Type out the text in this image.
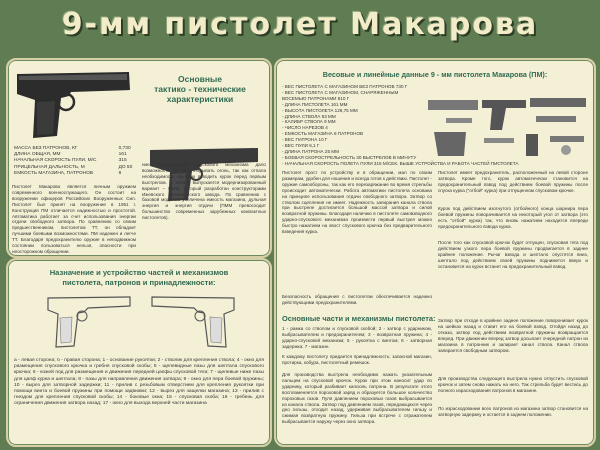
9-мм пистолет Макарова
Основные
тактико - технические
характеристики
МАССА БЕЗ ПАТРОНОВ, КГ	0,730
ДЛИНА ОБЩАЯ, ММ	161
НАЧАЛЬНАЯ СКОРОСТЬ ПУЛИ, М/С	315
ПРИЦЕЛЬНАЯ ДАЛЬНОСТЬ, М	ДО 50
ЕМКОСТЬ МАГАЗИНА, ПАТРОНОВ	8
Пистолет Макарова является личным оружием современного военнослужащего. Он состоит на вооружении офицеров Российских Вооруженных Сил. Пистолет был принят на вооружение в 1951 г. Конструкция ПМ отличается надежностью и простотой. Автоматика работает за счет использования энергии отдачи свободного затвора. По сравнению со своим предшественником, пистолетом ТТ, он обладает лучшими боевыми возможностями. ПМ надежен и легче ТТ. Благодаря предохранителю оружие в неподвижном состоянии пользоваться нельзя, опасности при неосторожном обращении.
ние самовзводного спускового механизма дало возможность быстрее открывать огонь, так как отпала необходимость вручную взводить курок перед первым выстрелом. С 1994 г. выпускается модернизированный вариант – ПММ, который разработан конструкторами Ижевского механического завода. По сравнению с базовой моделью увеличена емкость магазина, дульная энергия и энергия отдачи (ПММ превосходит большинство современных зарубежных компактных пистолетов).
Весовые и линейные данные 9 - мм пистолета Макарова (ПМ):
- ВЕС ПИСТОЛЕТА С МАГАЗИНОМ БЕЗ ПАТРОНОВ 730 Г
- ВЕС ПИСТОЛЕТА С МАГАЗИНОМ, СНАРЯЖЕННЫМ
ВОСЕМЬЮ ПАТРОНАМИ 810 Г
- ДЛИНА ПИСТОЛЕТА 161 ММ
- ВЫСОТА ПИСТОЛЕТА 126,75 ММ
- ДЛИНА СТВОЛА 93 ММ
- КАЛИБР СТВОЛА 9 ММ
- ЧИСЛО НАРЕЗОВ 4
- ЕМКОСТЬ МАГАЗИНА 8 ПАТРОНОВ
- ВЕС ПАТРОНА 10 Г
- ВЕС ПУЛИ 6,1 Г
- ДЛИНА ПАТРОНА 25 ММ
- БОЕВАЯ СКОРОСТРЕЛЬНОСТЬ 30 ВЫСТРЕЛОВ В МИНУТУ
- НАЧАЛЬНАЯ СКОРОСТЬ ПОЛЕТА ПУЛИ 315 М/СЕК. ВЫШЕ УСТРОЙСТВА И РАБОТА ЧАСТЕЙ ПИСТОЛЕТА
Пистолет прост по устройству и в обращении, мал по своим размерам, удобен для ношения и всегда готов к действию. Пистолет - оружие самообороны, так как его перезаряжание во время стрельбы происходит автоматически. Работа автоматики пистолета основана на принципе использования отдачи свободного затвора. Затвор со стволом сцепления не имеет. Надежность запирания канала ствола при выстреле достигается большой массой затвора и силой возвратной пружины. Благодаря наличию в пистолете самовзводного ударно-спускового механизма произвести первый выстрел можно быстро нажатием на хвост спускового крючка без предварительного взведения курка.
Безопасность обращения с пистолетом обеспечивается надежно действующими предохранителями.
Пистолет имеет предохранитель, расположенный на левой стороне затвора. Кроме того, курок автоматически становится на предохранительный взвод под действием боевой пружины после спуска курка ("отбой" курка) при отпущенном спусковом крючке.
Курок под действием изогнутого (отбойного) конца шарнира пера боевой пружины поворачивается на некоторый угол от затвора (это есть "отбой" курка) так, что вновь нажатием находится впереди предохранительного взвода курка.
После того как спусковой крючок будет отпущен, спусковая тяга под действием узкого пера боевой пружины продвигается в заднее крайнее положение. Рычаг взвода и шептало опустятся вниз, шептало под действием своей пружины поднимется вверх и остановится на курок встанет на предохранительный взвод.
Основные части и механизмы пистолета:
1 - рамка со стволом и спусковой скобой; 2 - затвор с ударником, выбрасывателем и предохранителем; 3 - возвратная пружина; 4 - ударно-спусковой механизм; 5 - рукоятка с винтом; 6 - затворная задержка; 7 - магазин.
К каждому пистолету придается принадлежность: запасной магазин, протирка, кобура, пистолетный ремешок.
Для производства выстрела необходимо нажать указательным пальцем на спусковой крючок. Курок при этом наносит удар по ударнику, который разбивает капсюль патрона. В результате этого воспламеняется пороховой заряд и образуется большое количество пороховых газов. Пуля давлением пороховых газов выбрасывается из канала ствола. Затвор под давлением газов, передающихся через дно гильзы, отходит назад, удерживая выбрасывателем гильзу и сжимая возвратную пружину. Гильза при встрече с отражателем выбрасывается наружу через окно затвора.
Затвор при отходе в крайнее заднее положение поворачивает курок на шейках назад и ставит его на боевой взвод. Отойдя назад до отказа, затвор под действием возвратной пружины возвращается вперед. При движении вперед затвор досылает очередной патрон из магазина в патронник и запирает канал ствола. Канал ствола запирается свободным затвором.
Для производства следующего выстрела нужно отпустить спусковой крючок и затем снова нажать на него. Так стрельба будет вестись до полного израсходования патронов в магазине.
По израсходовании всех патронов из магазина затвор становится на затворную задержку и остается в заднем положении.
Назначение и устройство частей и механизмов
пистолета, патронов и принадлежности:
а - левая сторона; б - правая сторона; 1 - основание рукоятки; 2 - стволик для крепления ствола; 4 - окно для размещения спускового крючка и гребня спусковой скобы; 5 - щелевидные пазы для шептала спускового крючка; 6 - кожей под для размещения и движения передней цапфы спусковой тяги; 7 - щелевые ниже пазы для цапф курка и шептала; 8 - пазы для направления движения затвора; 9 - окно для пера боевой пружины; 10 - вырез для затворной задержки; 11 - прилив с резьбовым отверстием для крепления рукоятки при помощи винта и боевой пружины при помощи задвижки; 12 - вырез для защелки магазина; 13 - прилив с гнездом для крепления спусковой скобы; 14 - боковые окна; 15 - спусковая скоба; 16 - гребень для ограничения движения затвора назад; 17 - окно для выхода верхней части магазина
